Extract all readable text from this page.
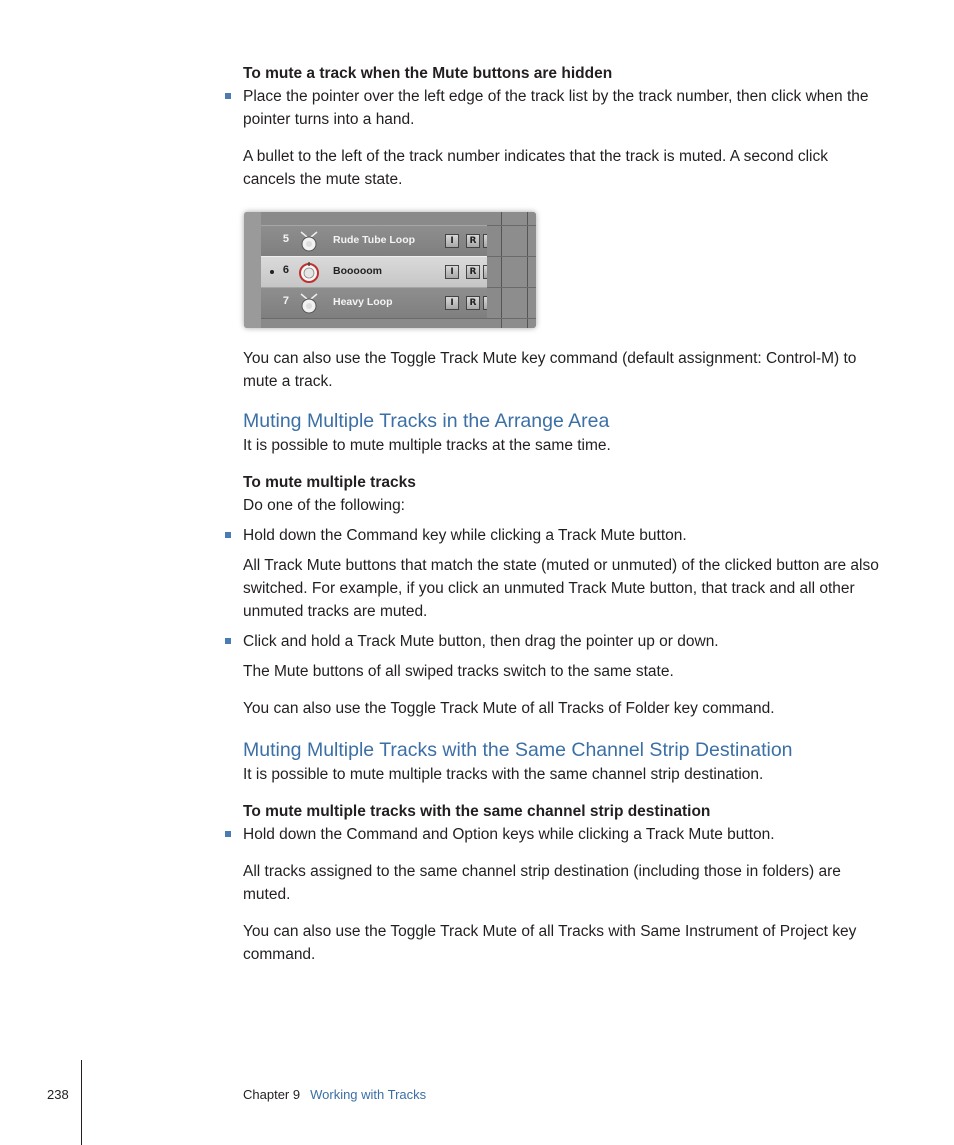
To mute a track when the Mute buttons are hidden
Place the pointer over the left edge of the track list by the track number, then click when the pointer turns into a hand.
A bullet to the left of the track number indicates that the track is muted. A second click cancels the mute state.
5	Rude Tube Loop	I	R
6	Booooom	I	R
7	Heavy Loop	I	R
You can also use the Toggle Track Mute key command (default assignment: Control-M) to mute a track.
Muting Multiple Tracks in the Arrange Area
It is possible to mute multiple tracks at the same time.
To mute multiple tracks
Do one of the following:
Hold down the Command key while clicking a Track Mute button.
All Track Mute buttons that match the state (muted or unmuted) of the clicked button are also switched. For example, if you click an unmuted Track Mute button, that track and all other unmuted tracks are muted.
Click and hold a Track Mute button, then drag the pointer up or down.
The Mute buttons of all swiped tracks switch to the same state.
You can also use the Toggle Track Mute of all Tracks of Folder key command.
Muting Multiple Tracks with the Same Channel Strip Destination
It is possible to mute multiple tracks with the same channel strip destination.
To mute multiple tracks with the same channel strip destination
Hold down the Command and Option keys while clicking a Track Mute button.
All tracks assigned to the same channel strip destination (including those in folders) are muted.
You can also use the Toggle Track Mute of all Tracks with Same Instrument of Project key command.
238	Chapter 9 Working with Tracks
